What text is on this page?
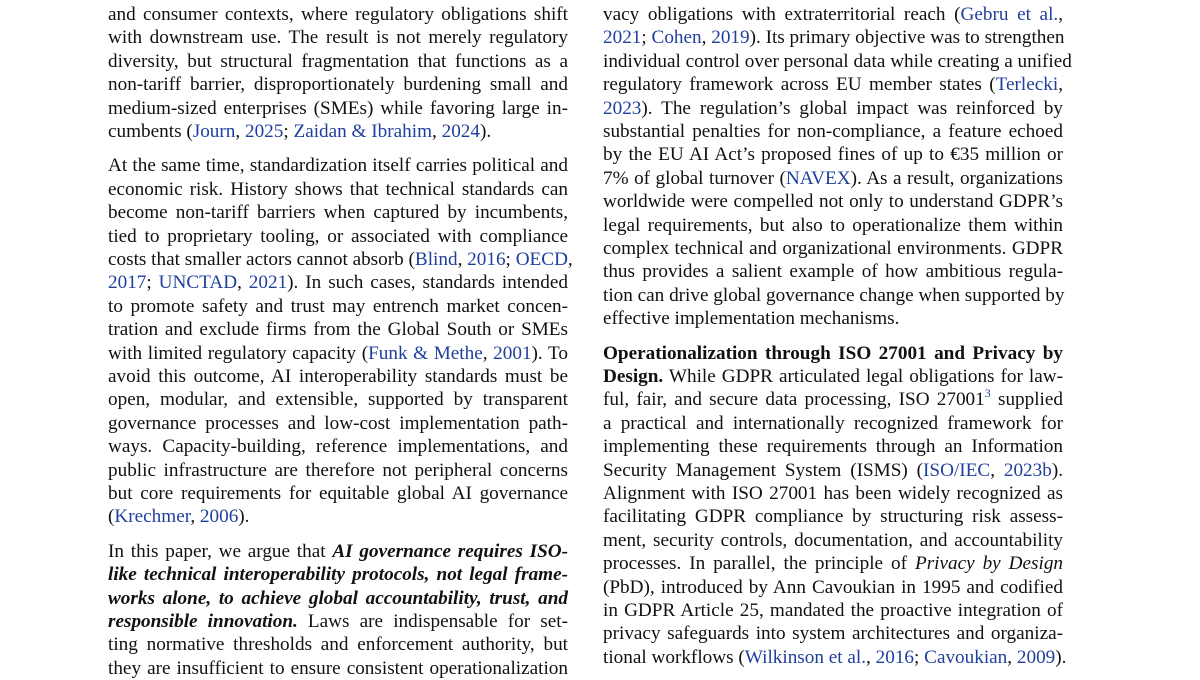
and consumer contexts, where regulatory obligations shift
with downstream use. The result is not merely regulatory
diversity, but structural fragmentation that functions as a
non-tariff barrier, disproportionately burdening small and
medium-sized enterprises (SMEs) while favoring large in-
cumbents (Journ, 2025; Zaidan & Ibrahim, 2024).
At the same time, standardization itself carries political and
economic risk. History shows that technical standards can
become non-tariff barriers when captured by incumbents,
tied to proprietary tooling, or associated with compliance
costs that smaller actors cannot absorb (Blind, 2016; OECD,
2017; UNCTAD, 2021). In such cases, standards intended
to promote safety and trust may entrench market concen-
tration and exclude firms from the Global South or SMEs
with limited regulatory capacity (Funk & Methe, 2001). To
avoid this outcome, AI interoperability standards must be
open, modular, and extensible, supported by transparent
governance processes and low-cost implementation path-
ways. Capacity-building, reference implementations, and
public infrastructure are therefore not peripheral concerns
but core requirements for equitable global AI governance
(Krechmer, 2006).
In this paper, we argue that AI governance requires ISO-
like technical interoperability protocols, not legal frame-
works alone, to achieve global accountability, trust, and
responsible innovation. Laws are indispensable for set-
ting normative thresholds and enforcement authority, but
they are insufficient to ensure consistent operationalization
vacy obligations with extraterritorial reach (Gebru et al.,
2021; Cohen, 2019). Its primary objective was to strengthen
individual control over personal data while creating a unified
regulatory framework across EU member states (Terlecki,
2023). The regulation’s global impact was reinforced by
substantial penalties for non-compliance, a feature echoed
by the EU AI Act’s proposed fines of up to €35 million or
7% of global turnover (NAVEX). As a result, organizations
worldwide were compelled not only to understand GDPR’s
legal requirements, but also to operationalize them within
complex technical and organizational environments. GDPR
thus provides a salient example of how ambitious regula-
tion can drive global governance change when supported by
effective implementation mechanisms.
Operationalization through ISO 27001 and Privacy by
Design. While GDPR articulated legal obligations for law-
ful, fair, and secure data processing, ISO 27001$^3$ supplied
a practical and internationally recognized framework for
implementing these requirements through an Information
Security Management System (ISMS) (ISO/IEC, 2023b).
Alignment with ISO 27001 has been widely recognized as
facilitating GDPR compliance by structuring risk assess-
ment, security controls, documentation, and accountability
processes. In parallel, the principle of Privacy by Design
(PbD), introduced by Ann Cavoukian in 1995 and codified
in GDPR Article 25, mandated the proactive integration of
privacy safeguards into system architectures and organiza-
tional workflows (Wilkinson et al., 2016; Cavoukian, 2009).
